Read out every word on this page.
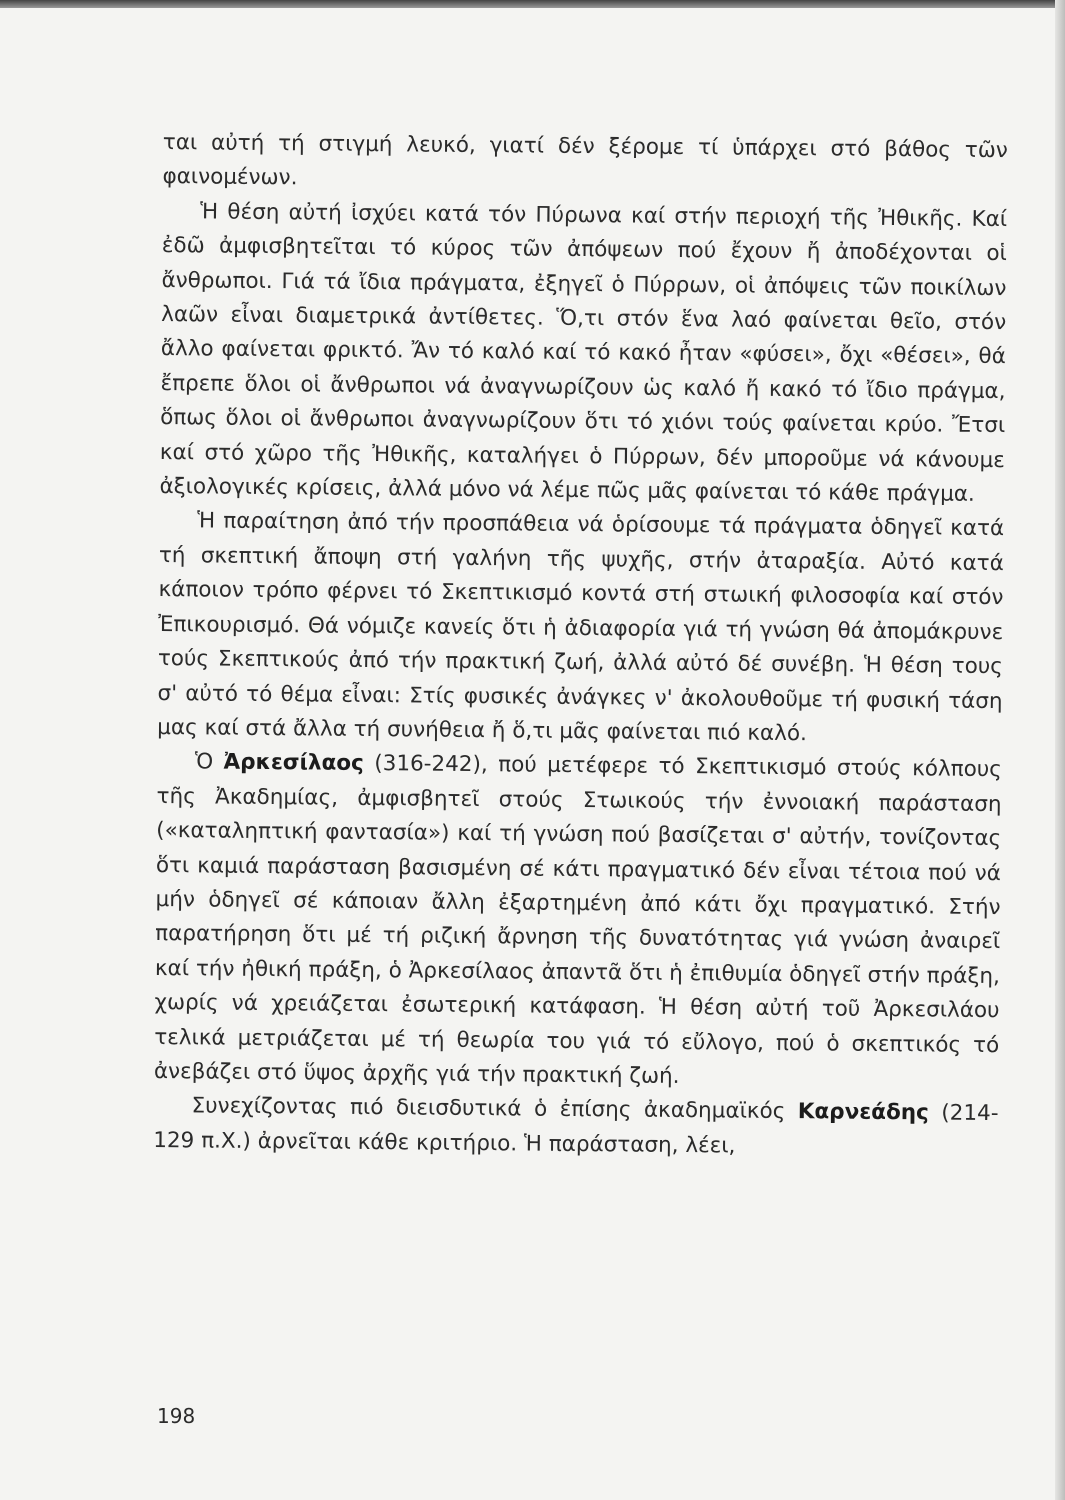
ται αὐτή τή στιγμή λευκό, γιατί δέν ξέρομε τί ὑπάρχει στό βάθος τῶν φαινομένων.

Ἡ θέση αὐτή ἰσχύει κατά τόν Πύρωνα καί στήν περιοχή τῆς Ἠθικῆς. Καί ἐδῶ ἀμφισβητεῖται τό κύρος τῶν ἀπόψεων πού ἔχουν ἤ ἀποδέχονται οἱ ἄνθρωποι. Γιά τά ἴδια πράγματα, ἐξηγεῖ ὁ Πύρρων, οἱ ἀπόψεις τῶν ποικίλων λαῶν εἶναι διαμετρικά ἀντίθετες. Ὅ,τι στόν ἕνα λαό φαίνεται θεῖο, στόν ἄλλο φαίνεται φρικτό. Ἄν τό καλό καί τό κακό ἦταν «φύσει», ὄχι «θέσει», θά ἔπρεπε ὅλοι οἱ ἄνθρωποι νά ἀναγνωρίζουν ὡς καλό ἤ κακό τό ἴδιο πράγμα, ὅπως ὅλοι οἱ ἄνθρωποι ἀναγνωρίζουν ὅτι τό χιόνι τούς φαίνεται κρύο. Ἔτσι καί στό χῶρο τῆς Ἠθικῆς, καταλήγει ὁ Πύρρων, δέν μποροῦμε νά κάνουμε ἀξιολογικές κρίσεις, ἀλλά μόνο νά λέμε πῶς μᾶς φαίνεται τό κάθε πράγμα.

Ἡ παραίτηση ἀπό τήν προσπάθεια νά ὁρίσουμε τά πράγματα ὁδηγεῖ κατά τή σκεπτική ἄποψη στή γαλήνη τῆς ψυχῆς, στήν ἀταραξία. Αὐτό κατά κάποιον τρόπο φέρνει τό Σκεπτικισμό κοντά στή στωική φιλοσοφία καί στόν Ἐπικουρισμό. Θά νόμιζε κανείς ὅτι ἡ ἀδιαφορία γιά τή γνώση θά ἀπομάκρυνε τούς Σκεπτικούς ἀπό τήν πρακτική ζωή, ἀλλά αὐτό δέ συνέβη. Ἡ θέση τους σ' αὐτό τό θέμα εἶναι: Στίς φυσικές ἀνάγκες ν' ἀκολουθοῦμε τή φυσική τάση μας καί στά ἄλλα τή συνήθεια ἤ ὅ,τι μᾶς φαίνεται πιό καλό.

Ὁ Ἀρκεσίλαος (316-242), πού μετέφερε τό Σκεπτικισμό στούς κόλπους τῆς Ἀκαδημίας, ἀμφισβητεῖ στούς Στωικούς τήν ἐννοιακή παράσταση («καταληπτική φαντασία») καί τή γνώση πού βασίζεται σ' αὐτήν, τονίζοντας ὅτι καμιά παράσταση βασισμένη σέ κάτι πραγματικό δέν εἶναι τέτοια πού νά μήν ὁδηγεῖ σέ κάποιαν ἄλλη ἐξαρτημένη ἀπό κάτι ὄχι πραγματικό. Στήν παρατήρηση ὅτι μέ τή ριζική ἄρνηση τῆς δυνατότητας γιά γνώση ἀναιρεῖ καί τήν ἠθική πράξη, ὁ Ἀρκεσίλαος ἀπαντᾶ ὅτι ἡ ἐπιθυμία ὁδηγεῖ στήν πράξη, χωρίς νά χρειάζεται ἐσωτερική κατάφαση. Ἡ θέση αὐτή τοῦ Ἀρκεσιλάου τελικά μετριάζεται μέ τή θεωρία του γιά τό εὔλογο, πού ὁ σκεπτικός τό ἀνεβάζει στό ὕψος ἀρχῆς γιά τήν πρακτική ζωή.

Συνεχίζοντας πιό διεισδυτικά ὁ ἐπίσης ἀκαδημαϊκός Καρνεάδης (214-129 π.Χ.) ἀρνεῖται κάθε κριτήριο. Ἡ παράσταση, λέει,

198
